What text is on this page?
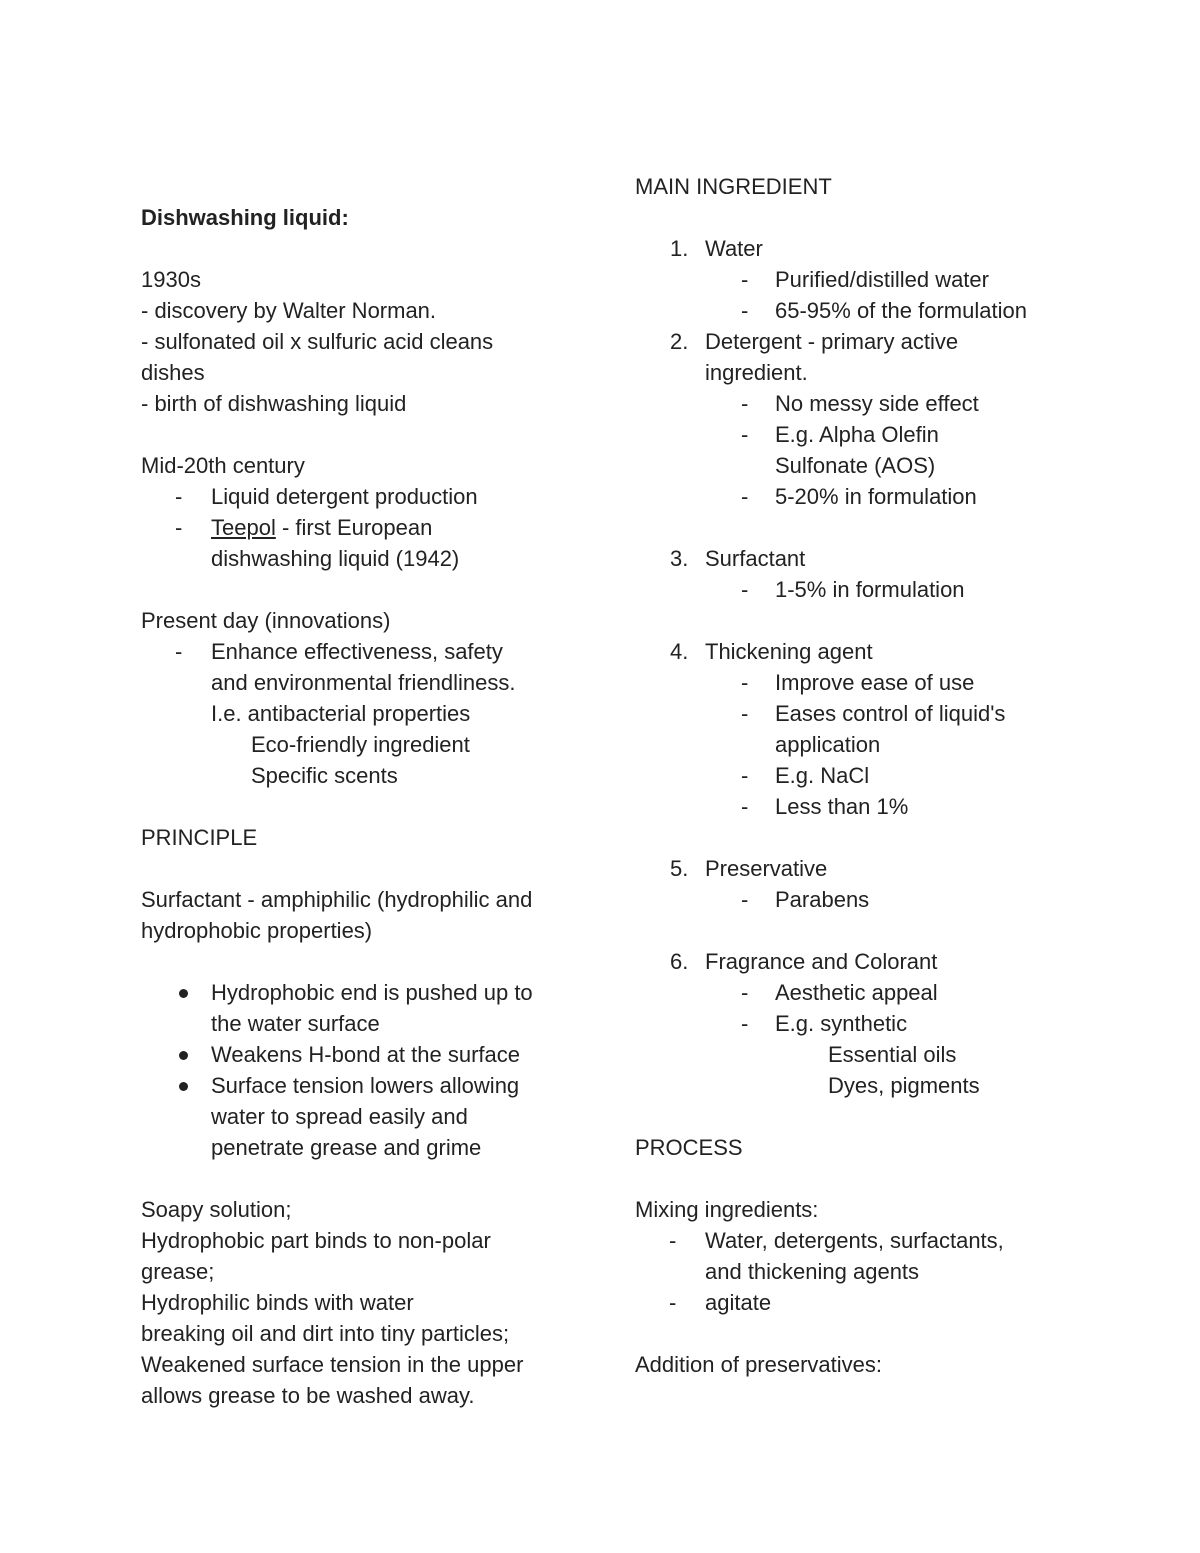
Dishwashing liquid:
1930s
- discovery by Walter Norman.
- sulfonated oil x sulfuric acid cleans
dishes
- birth of dishwashing liquid
Mid-20th century
- Liquid detergent production
- Teepol - first European
dishwashing liquid (1942)
Present day (innovations)
- Enhance effectiveness, safety
and environmental friendliness.
I.e. antibacterial properties
Eco-friendly ingredient
Specific scents
PRINCIPLE
Surfactant - amphiphilic (hydrophilic and
hydrophobic properties)
Hydrophobic end is pushed up to
the water surface
Weakens H-bond at the surface
Surface tension lowers allowing
water to spread easily and
penetrate grease and grime
Soapy solution;
Hydrophobic part binds to non-polar
grease;
Hydrophilic binds with water
breaking oil and dirt into tiny particles;
Weakened surface tension in the upper
allows grease to be washed away.
MAIN INGREDIENT
1. Water
- Purified/distilled water
- 65-95% of the formulation
2. Detergent - primary active
ingredient.
- No messy side effect
- E.g. Alpha Olefin
Sulfonate (AOS)
- 5-20% in formulation
3. Surfactant
- 1-5% in formulation
4. Thickening agent
- Improve ease of use
- Eases control of liquid's
application
- E.g. NaCl
- Less than 1%
5. Preservative
- Parabens
6. Fragrance and Colorant
- Aesthetic appeal
- E.g. synthetic
Essential oils
Dyes, pigments
PROCESS
Mixing ingredients:
- Water, detergents, surfactants,
and thickening agents
- agitate
Addition of preservatives:
